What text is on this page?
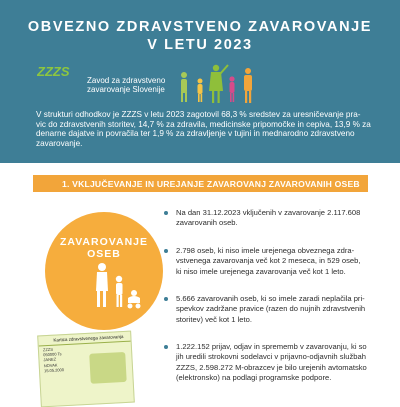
OBVEZNO ZDRAVSTVENO ZAVAROVANJE
V LETU 2023
ZZZS
Zavod za zdravstveno
zavarovanje Slovenije
V strukturi odhodkov je ZZZS v letu 2023 zagotovil 68,3 % sredstev za uresničevanje pra-
vic do zdravstvenih storitev, 14,7 % za zdravila, medicinske pripomočke in cepiva, 13,9 % za
denarne dajatve in povračila ter 1,9 % za zdravljenje v tujini in mednarodno zdravstveno
zavarovanje.
1. VKLJUČEVANJE IN UREJANJE ZAVAROVANJ ZAVAROVANIH OSEB
ZAVAROVANJE
OSEB
Kartica zdravstvenega zavarovanja
ZZZS
050000 Ts
JANEZ
NOVAK
15.05.2000
Na dan 31.12.2023 vključenih v zavarovanje 2.117.608
zavarovanih oseb.
2.798 oseb, ki niso imele urejenega obveznega zdra-
vstvenega zavarovanja več kot 2 meseca, in 529 oseb,
ki niso imele urejenega zavarovanja več kot 1 leto.
5.666 zavarovanih oseb, ki so imele zaradi neplačila pri-
spevkov zadržane pravice (razen do nujnih zdravstvenih
storitev) več kot 1 leto.
1.222.152 prijav, odjav in sprememb v zavarovanju, ki so
jih uredili strokovni sodelavci v prijavno-odjavnih službah
ZZZS, 2.598.272 M-obrazcev je bilo urejenih avtomatsko
(elektronsko) na podlagi programske podpore.
